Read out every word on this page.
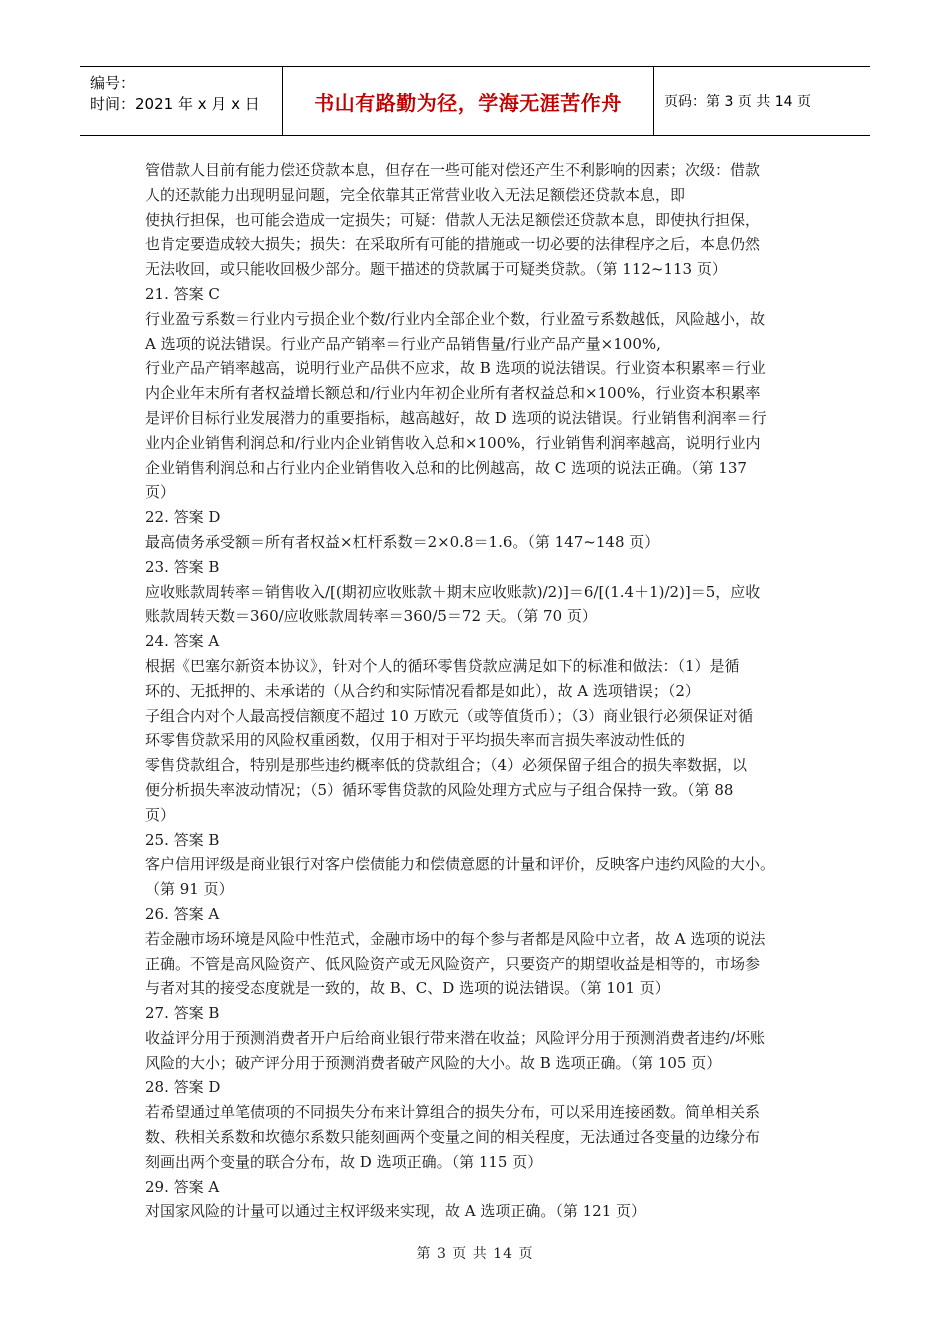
编号：
时间：2021 年 x 月 x 日	书山有路勤为径，学海无涯苦作舟	页码：第 3 页 共 14 页
管借款人目前有能力偿还贷款本息，但存在一些可能对偿还产生不利影响的因素；次级：借款
人的还款能力出现明显问题，完全依靠其正常营业收入无法足额偿还贷款本息，即
使执行担保，也可能会造成一定损失；可疑：借款人无法足额偿还贷款本息，即使执行担保，
也肯定要造成较大损失；损失：在采取所有可能的措施或一切必要的法律程序之后，本息仍然
无法收回，或只能收回极少部分。题干描述的贷款属于可疑类贷款。（第 112~113 页）
21. 答案 C
行业盈亏系数＝行业内亏损企业个数/行业内全部企业个数，行业盈亏系数越低，风险越小，故
A 选项的说法错误。行业产品产销率＝行业产品销售量/行业产品产量×100%,
行业产品产销率越高，说明行业产品供不应求，故 B 选项的说法错误。行业资本积累率＝行业
内企业年末所有者权益增长额总和/行业内年初企业所有者权益总和×100%，行业资本积累率
是评价目标行业发展潜力的重要指标，越高越好，故 D 选项的说法错误。行业销售利润率＝行
业内企业销售利润总和/行业内企业销售收入总和×100%，行业销售利润率越高，说明行业内
企业销售利润总和占行业内企业销售收入总和的比例越高，故 C 选项的说法正确。（第 137
页）
22. 答案 D
最高债务承受额＝所有者权益×杠杆系数＝2×0.8＝1.6。（第 147~148 页）
23. 答案 B
应收账款周转率＝销售收入/[(期初应收账款＋期末应收账款)/2)]＝6/[(1.4＋1)/2)]＝5，应收
账款周转天数＝360/应收账款周转率＝360/5＝72 天。（第 70 页）
24. 答案 A
根据《巴塞尔新资本协议》，针对个人的循环零售贷款应满足如下的标准和做法：（1）是循
环的、无抵押的、未承诺的（从合约和实际情况看都是如此），故 A 选项错误；（2）
子组合内对个人最高授信额度不超过 10 万欧元（或等值货币）；（3）商业银行必须保证对循
环零售贷款采用的风险权重函数，仅用于相对于平均损失率而言损失率波动性低的
零售贷款组合，特别是那些违约概率低的贷款组合；（4）必须保留子组合的损失率数据，以
便分析损失率波动情况；（5）循环零售贷款的风险处理方式应与子组合保持一致。（第 88
页）
25. 答案 B
客户信用评级是商业银行对客户偿债能力和偿债意愿的计量和评价，反映客户违约风险的大小。
（第 91 页）
26. 答案 A
若金融市场环境是风险中性范式，金融市场中的每个参与者都是风险中立者，故 A 选项的说法
正确。不管是高风险资产、低风险资产或无风险资产，只要资产的期望收益是相等的，市场参
与者对其的接受态度就是一致的，故 B、C、D 选项的说法错误。（第 101 页）
27. 答案 B
收益评分用于预测消费者开户后给商业银行带来潜在收益；风险评分用于预测消费者违约/坏账
风险的大小；破产评分用于预测消费者破产风险的大小。故 B 选项正确。（第 105 页）
28. 答案 D
若希望通过单笔债项的不同损失分布来计算组合的损失分布，可以采用连接函数。简单相关系
数、秩相关系数和坎德尔系数只能刻画两个变量之间的相关程度，无法通过各变量的边缘分布
刻画出两个变量的联合分布，故 D 选项正确。（第 115 页）
29. 答案 A
对国家风险的计量可以通过主权评级来实现，故 A 选项正确。（第 121 页）
第 3 页 共 14 页
